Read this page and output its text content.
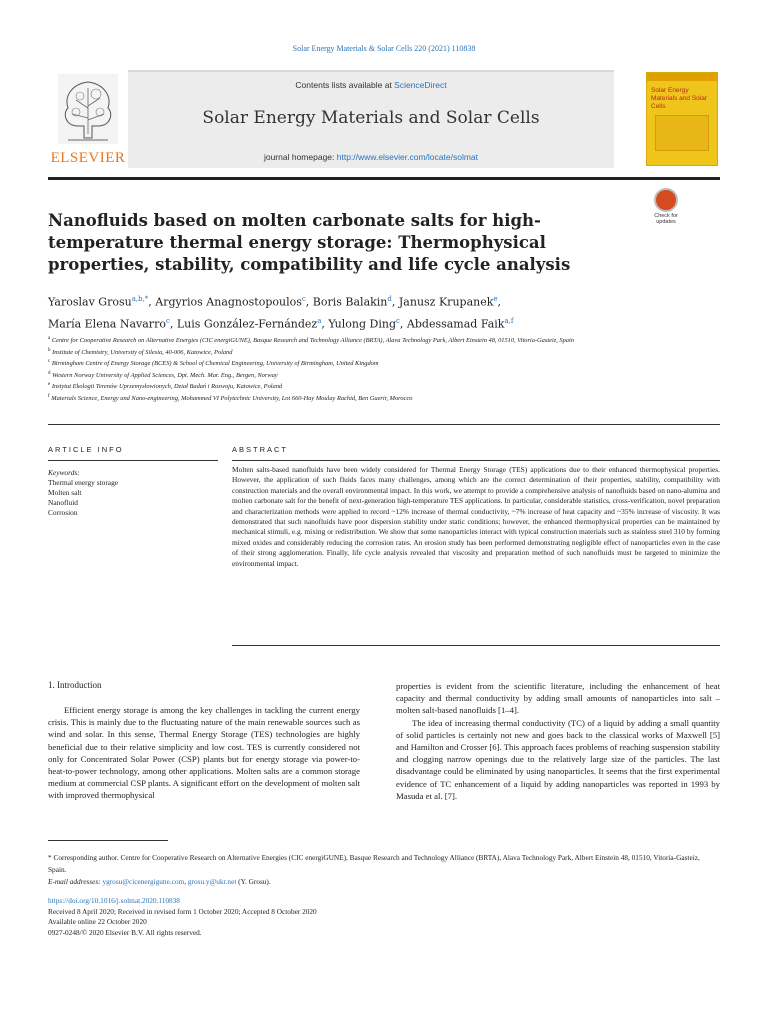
Solar Energy Materials & Solar Cells 220 (2021) 110838
ELSEVIER
Contents lists available at ScienceDirect
Solar Energy Materials and Solar Cells
journal homepage: http://www.elsevier.com/locate/solmat
Solar Energy Materials and Solar Cells
Check for
updates
Nanofluids based on molten carbonate salts for high-temperature thermal energy storage: Thermophysical properties, stability, compatibility and life cycle analysis
Yaroslav Grosu$^{a,b,*}$, Argyrios Anagnostopoulos$^c$, Boris Balakin$^d$, Janusz Krupanek$^e$,
María Elena Navarro$^c$, Luis González-Fernández$^a$, Yulong Ding$^c$, Abdessamad Faik$^{a,f}$
$^a$ Centre for Cooperative Research on Alternative Energies (CIC energiGUNE), Basque Research and Technology Alliance (BRTA), Alava Technology Park, Albert Einstein 48, 01510, Vitoria-Gasteiz, Spain
$^b$ Institute of Chemistry, University of Silesia, 40-006, Katowice, Poland
$^c$ Birmingham Centre of Energy Storage (BCES) & School of Chemical Engineering, University of Birmingham, United Kingdom
$^d$ Western Norway University of Applied Sciences, Dpt. Mech. Mar. Eng., Bergen, Norway
$^e$ Instytut Ekologii Terenów Uprzemysłowionych, Dział Badań i Rozwoju, Katowice, Poland
$^f$ Materials Science, Energy and Nano-engineering, Mohammed VI Polytechnic University, Lot 660-Hay Moulay Rachid, Ben Guerir, Morocco
ARTICLE INFO	ABSTRACT
Keywords:
Thermal energy storage
Molten salt
Nanofluid
Corrosion
Molten salts-based nanofluids have been widely considered for Thermal Energy Storage (TES) applications due to their enhanced thermophysical properties. However, the application of such fluids faces many challenges, among which are the correct determination of their properties, stability, compatibility with construction materials and the overall environmental impact. In this work, we attempt to provide a comprehensive analysis of nanofluids based on nano-alumina and molten carbonate salt for the benefit of next-generation high-temperature TES applications. In particular, considerable statistics, cross-verification, novel preparation and characterization methods were applied to record ~12% increase of thermal conductivity, ~7% increase of heat capacity and ~35% increase of viscosity. It was demonstrated that such nanofluids have poor dispersion stability under static conditions; however, the enhanced thermophysical properties can be maintained by mechanical stimuli, e.g. mixing or redistribution. We show that some nanoparticles interact with typical construction materials such as stainless steel 310 by forming mixed oxides and considerably reducing the corrosion rates. An erosion study has been performed demonstrating negligible effect of nanoparticles even in the case of their strong agglomeration. Finally, life cycle analysis revealed that viscosity and preparation method of such nanofluids must be targeted to minimize the environmental impact.
1. Introduction

Efficient energy storage is among the key challenges in tackling the current energy crisis. This is mainly due to the fluctuating nature of the main renewable sources such as wind and solar. In this sense, Thermal Energy Storage (TES) technologies are highly beneficial due to their relative simplicity and low cost. TES is currently considered not only for Concentrated Solar Power (CSP) plants but for energy storage via power-to-heat-to-power technology, among other applications. Molten salts are a common storage medium at commercial CSP plants. A significant effort on the development of molten salt with improved thermophysical

properties is evident from the scientific literature, including the enhancement of heat capacity and thermal conductivity by adding small amounts of nanoparticles into salt – molten salt-based nanofluids [1–4].

The idea of increasing thermal conductivity (TC) of a liquid by adding a small quantity of solid particles is certainly not new and goes back to the classical works of Maxwell [5] and Hamilton and Crosser [6]. This approach faces problems of reaching suspension stability and clogging narrow openings due to the relatively large size of the particles. The last disadvantage could be eliminated by using nanoparticles. It seems that the first experimental evidence of TC enhancement of a liquid by adding nanoparticles was reported in 1993 by Masuda et al. [7].

* Corresponding author. Centre for Cooperative Research on Alternative Energies (CIC energiGUNE), Basque Research and Technology Alliance (BRTA), Alava Technology Park, Albert Einstein 48, 01510, Vitoria-Gasteiz, Spain.
E-mail addresses: ygrosu@cicenergigune.com, grosu.y@ukr.net (Y. Grosu).
https://doi.org/10.1016/j.solmat.2020.110838
Received 8 April 2020; Received in revised form 1 October 2020; Accepted 8 October 2020
Available online 22 October 2020
0927-0248/© 2020 Elsevier B.V. All rights reserved.
